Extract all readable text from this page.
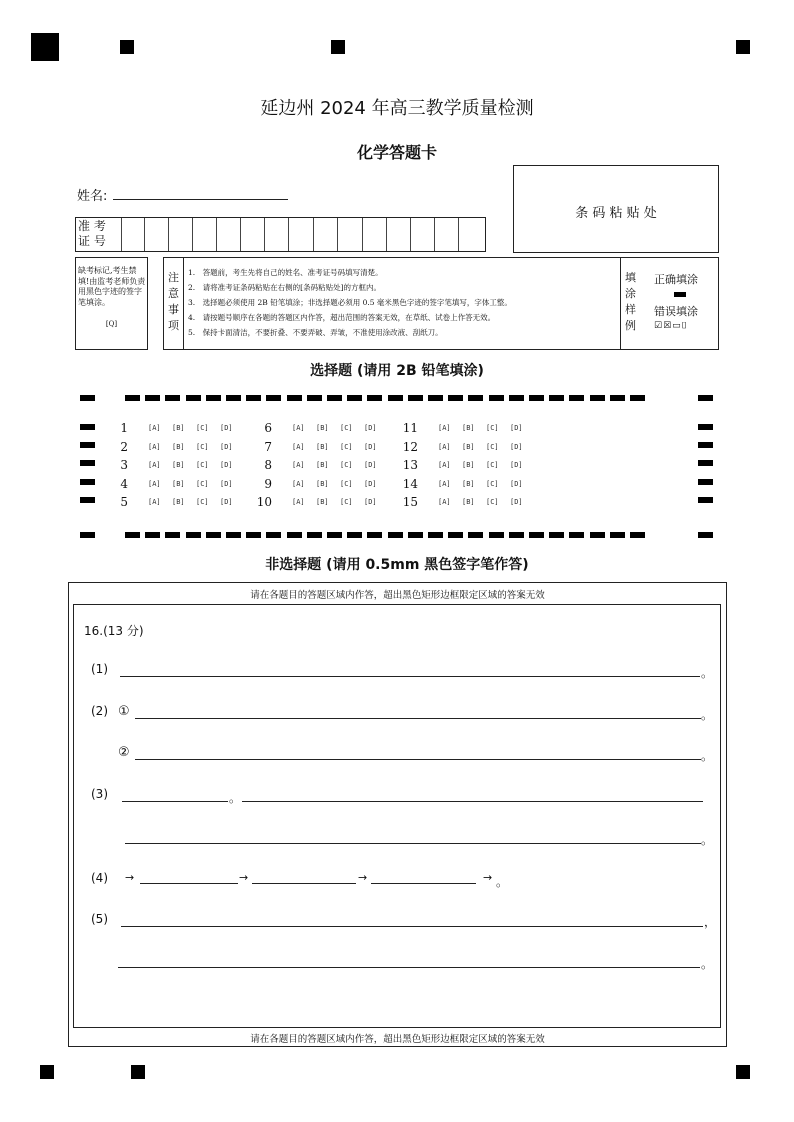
延边州 2024 年高三教学质量检测
化学答题卡
姓名:
条 码 粘 贴 处
准 考
证 号
缺考标记,考生禁填!由监考老师负责用黑色字迹的签字笔填涂。
[Q]
注
意
事
项
1.　答题前，考生先将自己的姓名、准考证号码填写清楚。
2.　请将准考证条码粘贴在右侧的[条码粘贴处]的方框内。
3.　选择题必须使用 2B 铅笔填涂；非选择题必须用 0.5 毫米黑色字迹的签字笔填写，字体工整。
4.　请按题号顺序在各题的答题区内作答，超出范围的答案无效，在草纸、试卷上作答无效。
5.　保持卡面清洁，不要折叠、不要弄破、弄皱，不准使用涂改液、刮纸刀。
填
涂
样
例
正确填涂
错误填涂
☑☒▭⌷
选择题 (请用 2B 铅笔填涂)
1	[A] [B] [C] [D]
2	[A] [B] [C] [D]
3	[A] [B] [C] [D]
4	[A] [B] [C] [D]
5	[A] [B] [C] [D]
6	[A] [B] [C] [D]
7	[A] [B] [C] [D]
8	[A] [B] [C] [D]
9	[A] [B] [C] [D]
10	[A] [B] [C] [D]
11	[A] [B] [C] [D]
12	[A] [B] [C] [D]
13	[A] [B] [C] [D]
14	[A] [B] [C] [D]
15	[A] [B] [C] [D]
非选择题 (请用 0.5mm 黑色签字笔作答)
请在各题目的答题区域内作答，超出黑色矩形边框限定区域的答案无效
请在各题目的答题区域内作答，超出黑色矩形边框限定区域的答案无效
16.(13 分)
(1)	。
(2) ①	。
②	。
(3)	。
。
(4) →	→	→	→ 。
(5)	，
。
